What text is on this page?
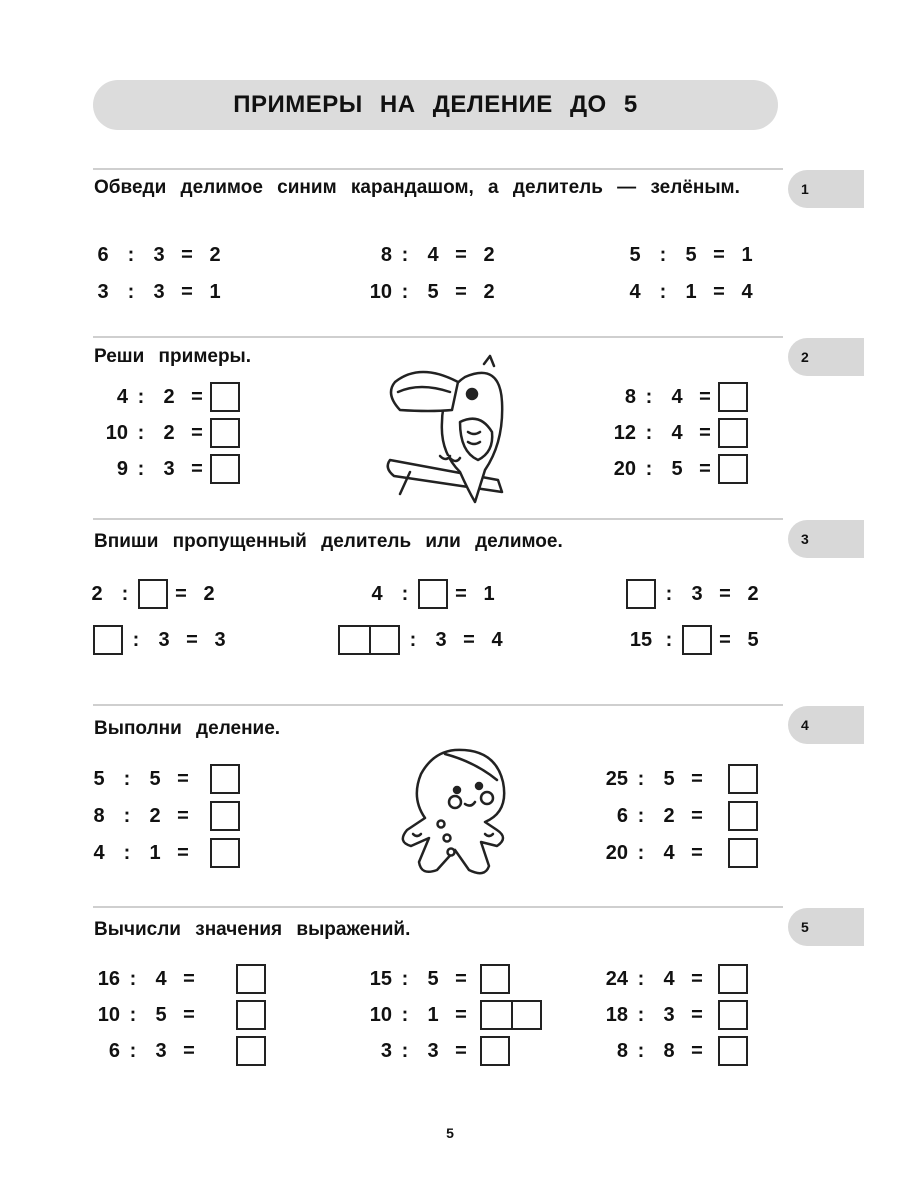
ПРИМЕРЫ НА ДЕЛЕНИЕ ДО 5
1
Обведи делимое синим карандашом, а делитель — зелёным.
6 : 3 = 2
3 : 3 = 1
8 : 4 = 2
10 : 5 = 2
5 : 5 = 1
4 : 1 = 4
2
Реши примеры.
4 : 2 =
10 : 2 =
9 : 3 =
8 : 4 =
12 : 4 =
20 : 5 =
3
Впиши пропущенный делитель или делимое.
2 :	= 2	4 :	= 1	: 3 = 2
: 3 = 3	: 3 = 4	15 :	= 5
4
Выполни деление.
5 : 5 =
8 : 2 =
4 : 1 =
25 : 5 =
6 : 2 =
20 : 4 =
5
Вычисли значения выражений.
16 : 4 =
10 : 5 =
6 : 3 =
15 : 5 =
10 : 1 =
3 : 3 =
24 : 4 =
18 : 3 =
8 : 8 =
5
